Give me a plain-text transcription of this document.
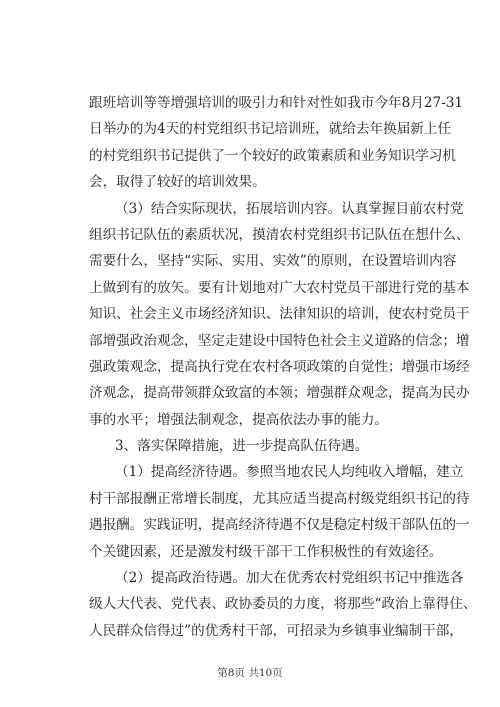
跟班培训等等增强培训的吸引力和针对性如我市今年8月27-31
日举办的为4天的村党组织书记培训班，就给去年换届新上任
的村党组织书记提供了一个较好的政策素质和业务知识学习机
会，取得了较好的培训效果。
（3）结合实际现状，拓展培训内容。认真掌握目前农村党
组织书记队伍的素质状况，摸清农村党组织书记队伍在想什么、
需要什么，坚持“实际、实用、实效”的原则，在设置培训内容
上做到有的放矢。要有计划地对广大农村党员干部进行党的基本
知识、社会主义市场经济知识、法律知识的培训，使农村党员干
部增强政治观念，坚定走建设中国特色社会主义道路的信念；增
强政策观念，提高执行党在农村各项政策的自觉性；增强市场经
济观念，提高带领群众致富的本领；增强群众观念，提高为民办
事的水平；增强法制观念，提高依法办事的能力。
3、落实保障措施，进一步提高队伍待遇。
（1）提高经济待遇。参照当地农民人均纯收入增幅，建立
村干部报酬正常增长制度，尤其应适当提高村级党组织书记的待
遇报酬。实践证明，提高经济待遇不仅是稳定村级干部队伍的一
个关键因素，还是激发村级干部干工作积极性的有效途径。
（2）提高政治待遇。加大在优秀农村党组织书记中推选各
级人大代表、党代表、政协委员的力度，将那些“政治上靠得住、
人民群众信得过”的优秀村干部，可招录为乡镇事业编制干部，
第8页 共10页
